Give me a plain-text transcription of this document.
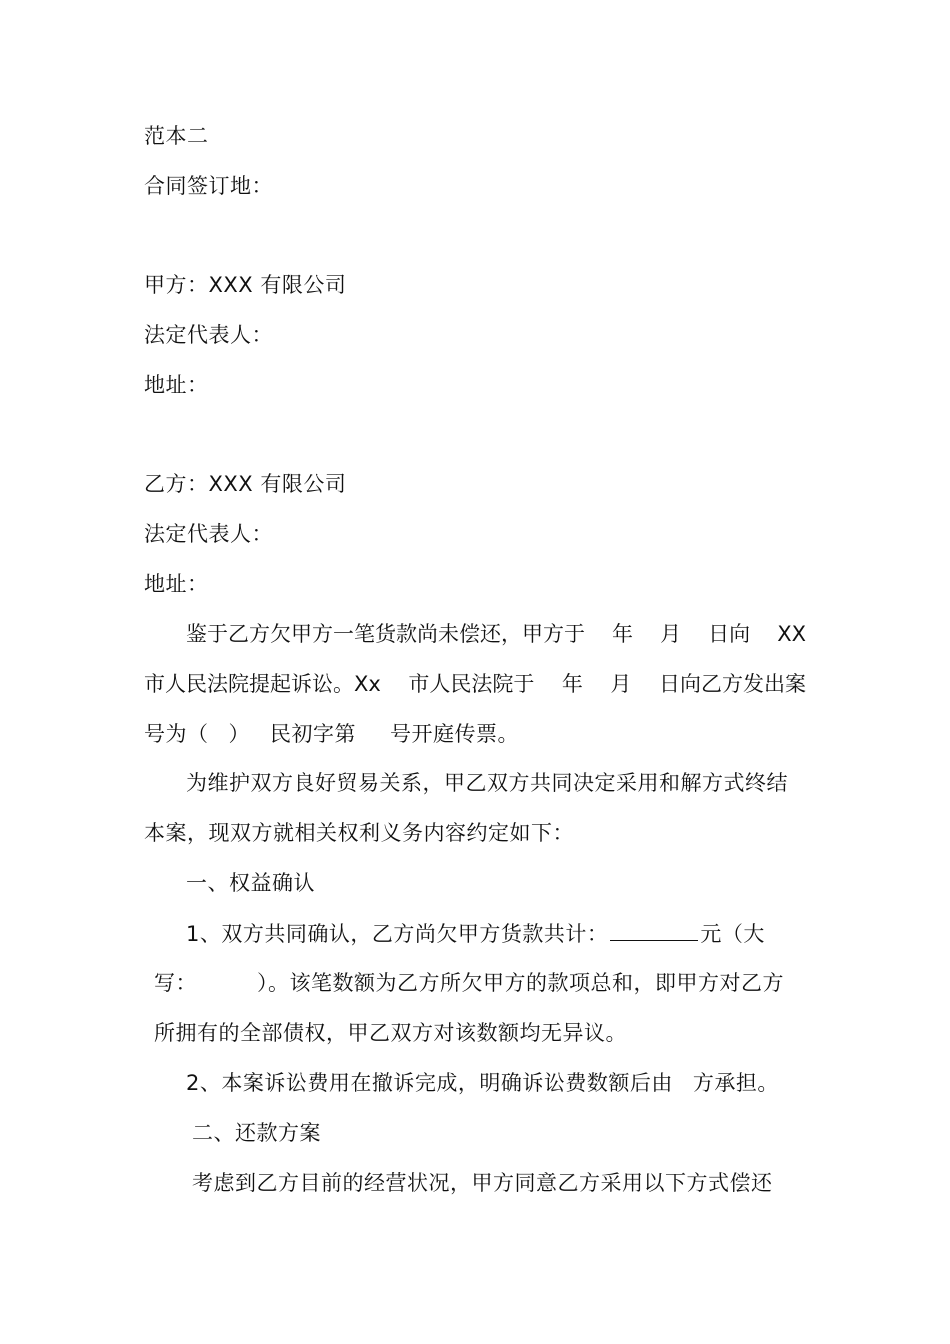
范本二
合同签订地：
甲方：XXX 有限公司
法定代表人：
地址：
乙方：XXX 有限公司
法定代表人：
地址：
鉴于乙方欠甲方一笔货款尚未偿还，甲方于 年 月 日向 XX
市人民法院提起诉讼。Xx 市人民法院于 年 月 日向乙方发出案
号为（ ） 民初字第 号开庭传票。
为维护双方良好贸易关系，甲乙双方共同决定采用和解方式终结
本案，现双方就相关权利义务内容约定如下：
一、权益确认
1、双方共同确认，乙方尚欠甲方货款共计：	元（大
写：	）。该笔数额为乙方所欠甲方的款项总和，即甲方对乙方
所拥有的全部债权，甲乙双方对该数额均无异议。
2、本案诉讼费用在撤诉完成，明确诉讼费数额后由 方承担。
二、还款方案
考虑到乙方目前的经营状况，甲方同意乙方采用以下方式偿还
